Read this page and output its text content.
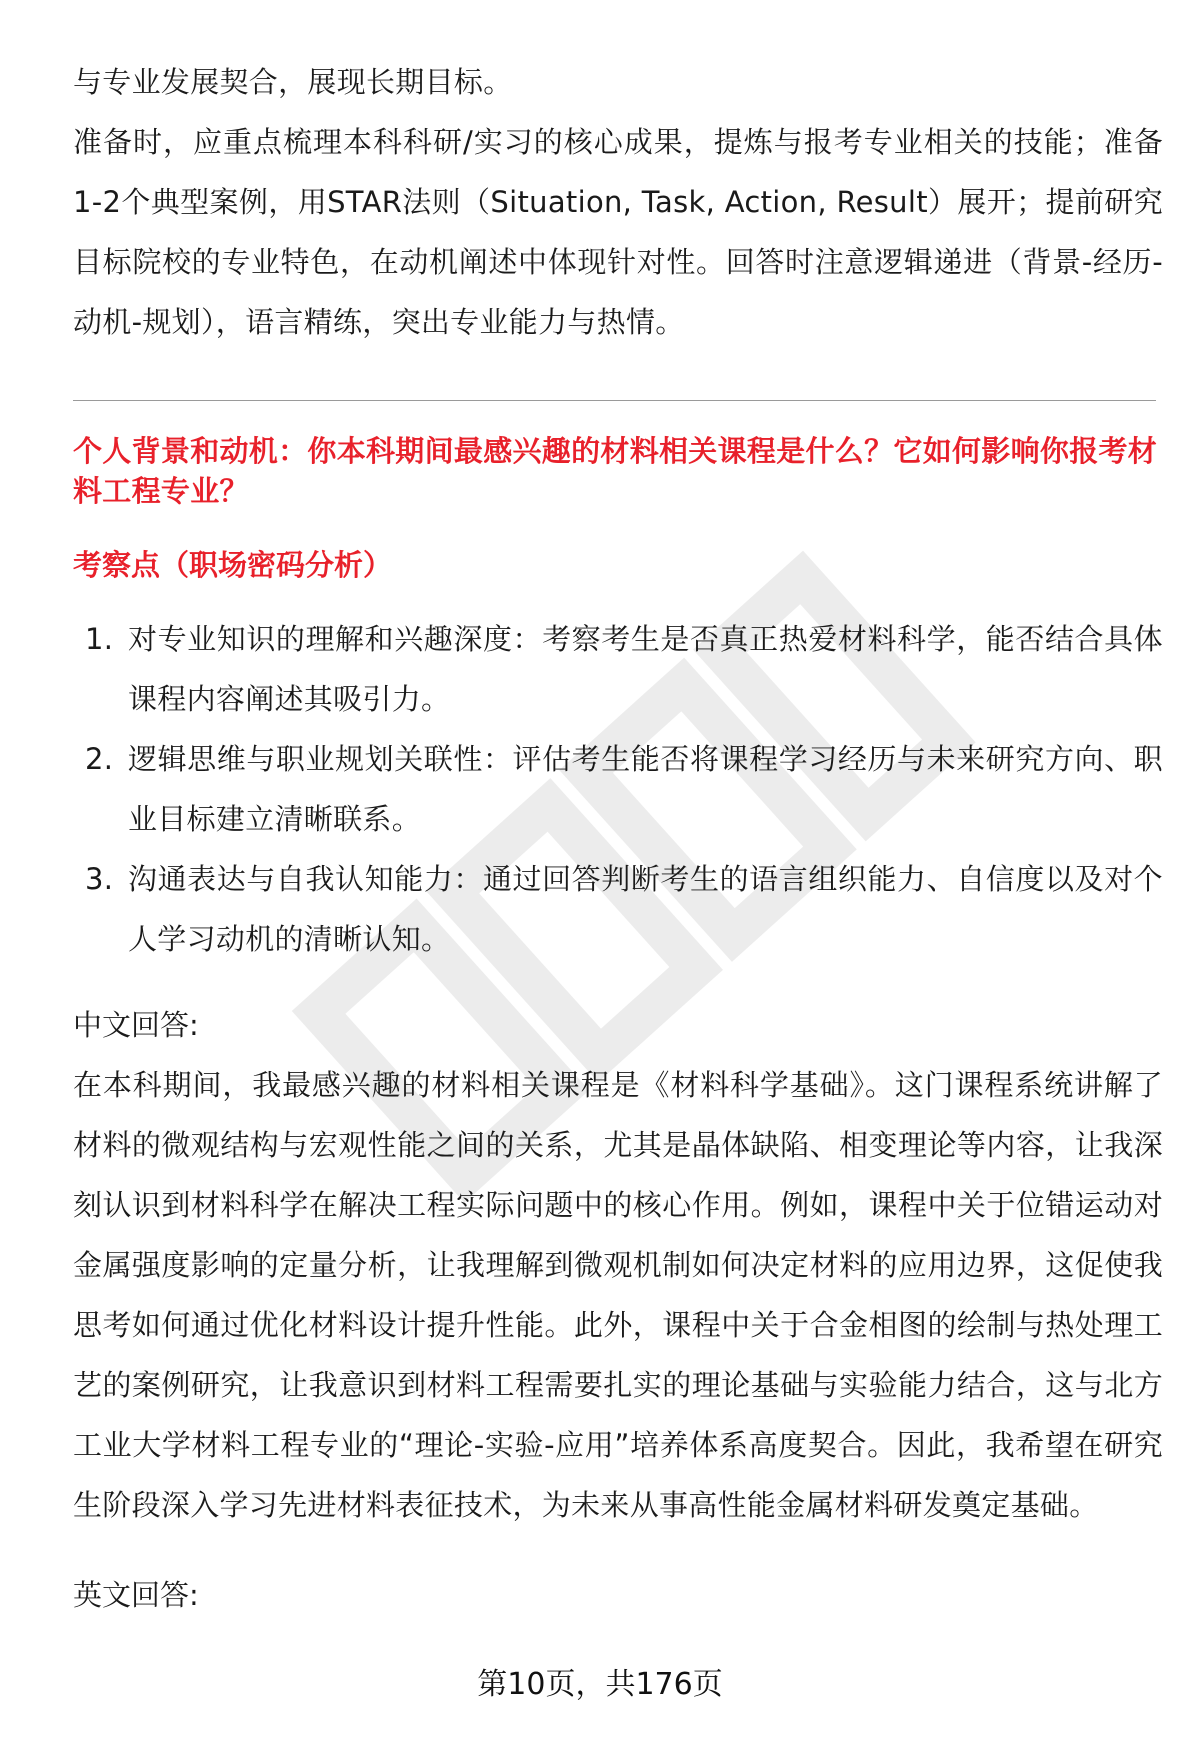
与专业发展契合，展现长期目标。

准备时，应重点梳理本科科研/实习的核心成果，提炼与报考专业相关的技能；准备1-2个典型案例，用STAR法则（Situation, Task, Action, Result）展开；提前研究目标院校的专业特色，在动机阐述中体现针对性。回答时注意逻辑递进（背景-经历-动机-规划），语言精练，突出专业能力与热情。

个人背景和动机：你本科期间最感兴趣的材料相关课程是什么？它如何影响你报考材料工程专业？

考察点（职场密码分析）

1. 对专业知识的理解和兴趣深度：考察考生是否真正热爱材料科学，能否结合具体课程内容阐述其吸引力。
2. 逻辑思维与职业规划关联性：评估考生能否将课程学习经历与未来研究方向、职业目标建立清晰联系。
3. 沟通表达与自我认知能力：通过回答判断考生的语言组织能力、自信度以及对个人学习动机的清晰认知。

中文回答:

在本科期间，我最感兴趣的材料相关课程是《材料科学基础》。这门课程系统讲解了材料的微观结构与宏观性能之间的关系，尤其是晶体缺陷、相变理论等内容，让我深刻认识到材料科学在解决工程实际问题中的核心作用。例如，课程中关于位错运动对金属强度影响的定量分析，让我理解到微观机制如何决定材料的应用边界，这促使我思考如何通过优化材料设计提升性能。此外，课程中关于合金相图的绘制与热处理工艺的案例研究，让我意识到材料工程需要扎实的理论基础与实验能力结合，这与北方工业大学材料工程专业的“理论-实验-应用”培养体系高度契合。因此，我希望在研究生阶段深入学习先进材料表征技术，为未来从事高性能金属材料研发奠定基础。

英文回答:

第10页，共176页
